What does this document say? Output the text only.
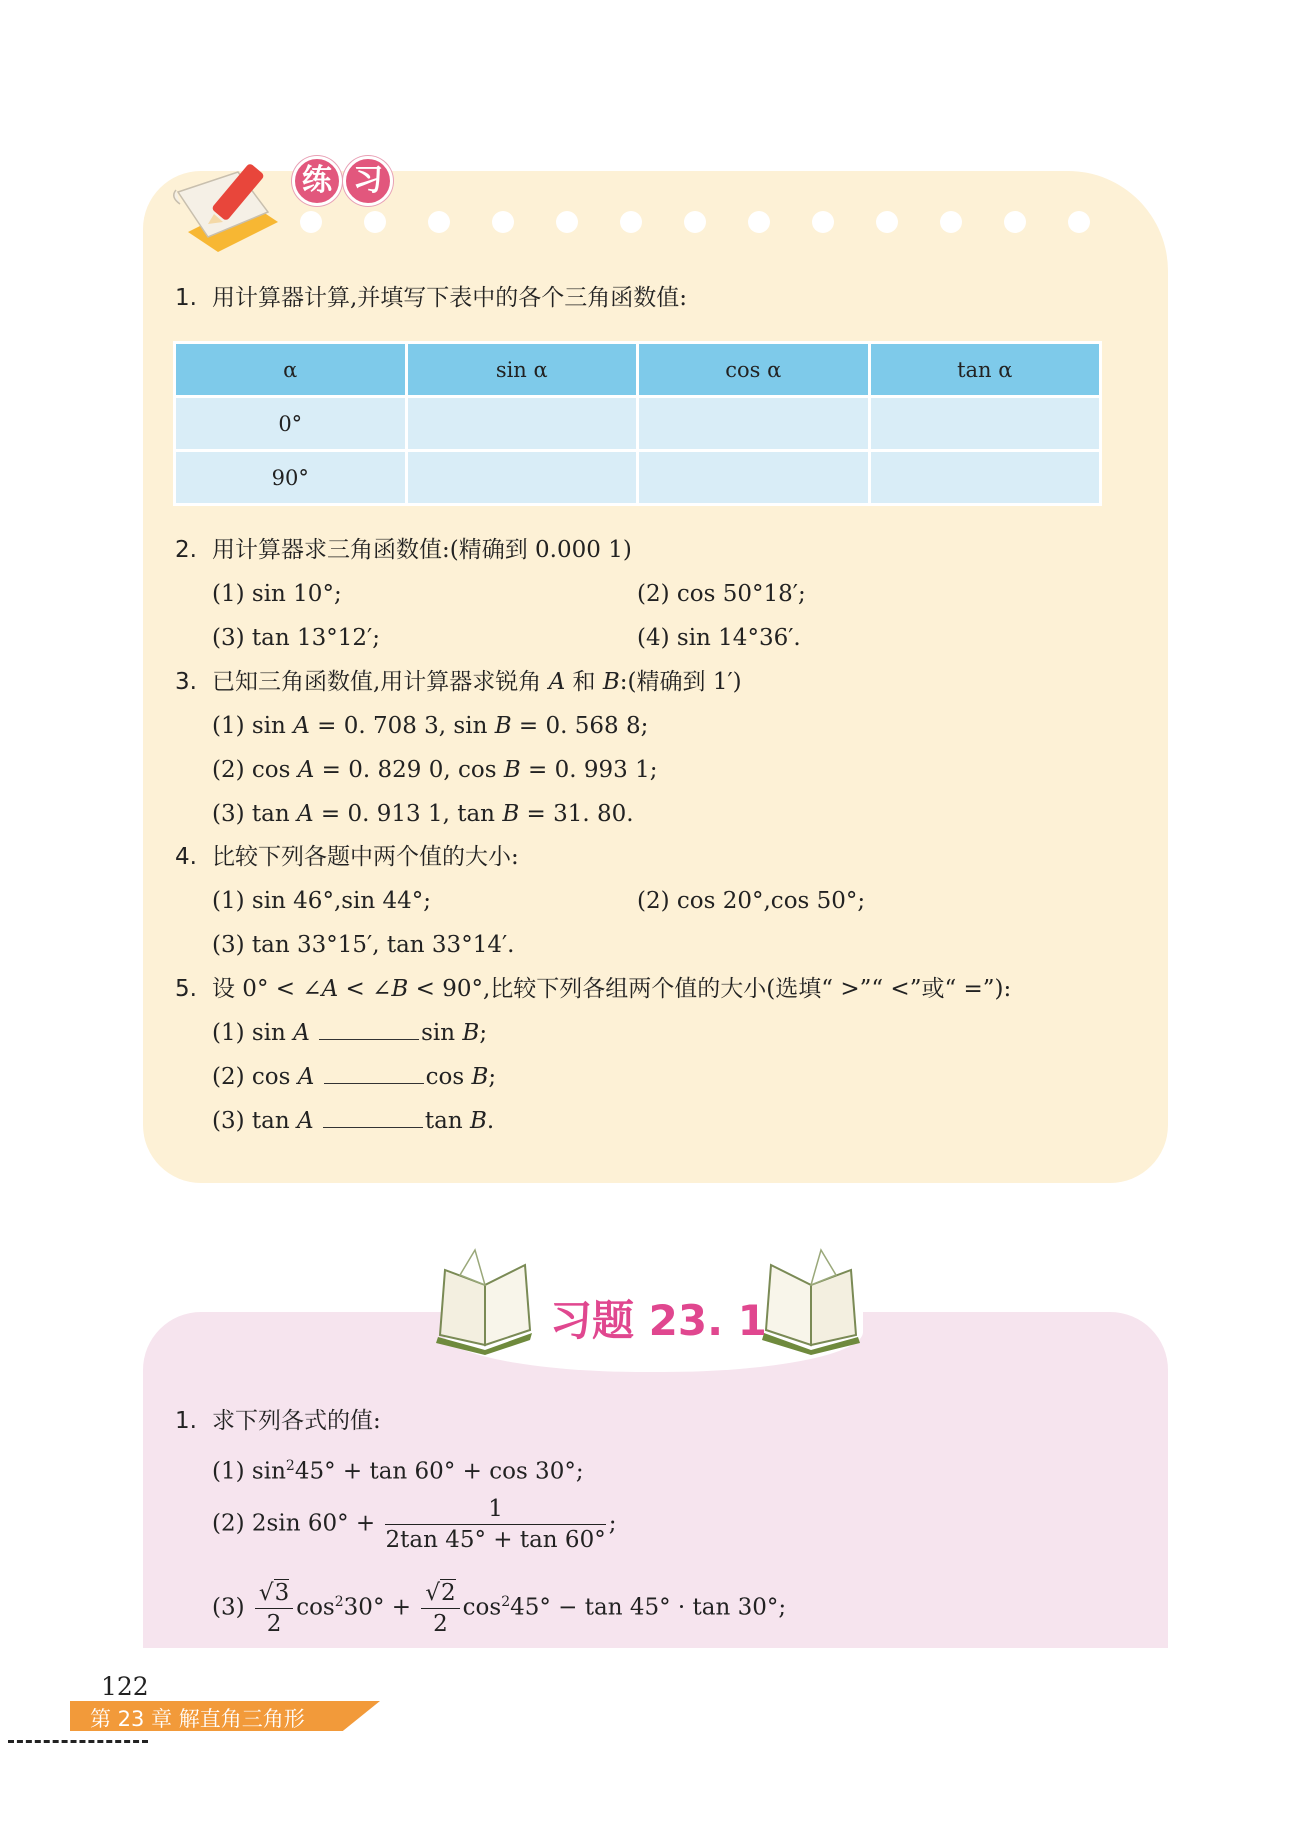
练 习
1. 用计算器计算,并填写下表中的各个三角函数值:
α	sin α	cos α	tan α
0°			
90°			
2. 用计算器求三角函数值:(精确到 0.000 1)
(1) sin 10°;	(2) cos 50°18′;
(3) tan 13°12′;	(4) sin 14°36′.
3. 已知三角函数值,用计算器求锐角 A 和 B:(精确到 1′)
(1) sin A = 0. 708 3, sin B = 0. 568 8;
(2) cos A = 0. 829 0, cos B = 0. 993 1;
(3) tan A = 0. 913 1, tan B = 31. 80.
4. 比较下列各题中两个值的大小:
(1) sin 46°,sin 44°;	(2) cos 20°,cos 50°;
(3) tan 33°15′, tan 33°14′.
5. 设 0° < ∠A < ∠B < 90°,比较下列各组两个值的大小(选填“ >”“ <”或“ =”):
(1) sin A	sin B;
(2) cos A	cos B;
(3) tan A	tan B.
习题 23. 1
1. 求下列各式的值:
(1) $\sin^245^\circ + \tan 60^\circ + \cos 30^\circ$;
(2) 2sin $60^\circ + \frac{1}{2\tan 45^\circ + \tan 60^\circ}$ ;
$(3) \frac{√3}{2} \cos^230^\circ + \frac{√2}{2} \cos^245^\circ - \tan 45^\circ \cdot \tan 30^\circ$;
122
第 23 章 解直角三角形
